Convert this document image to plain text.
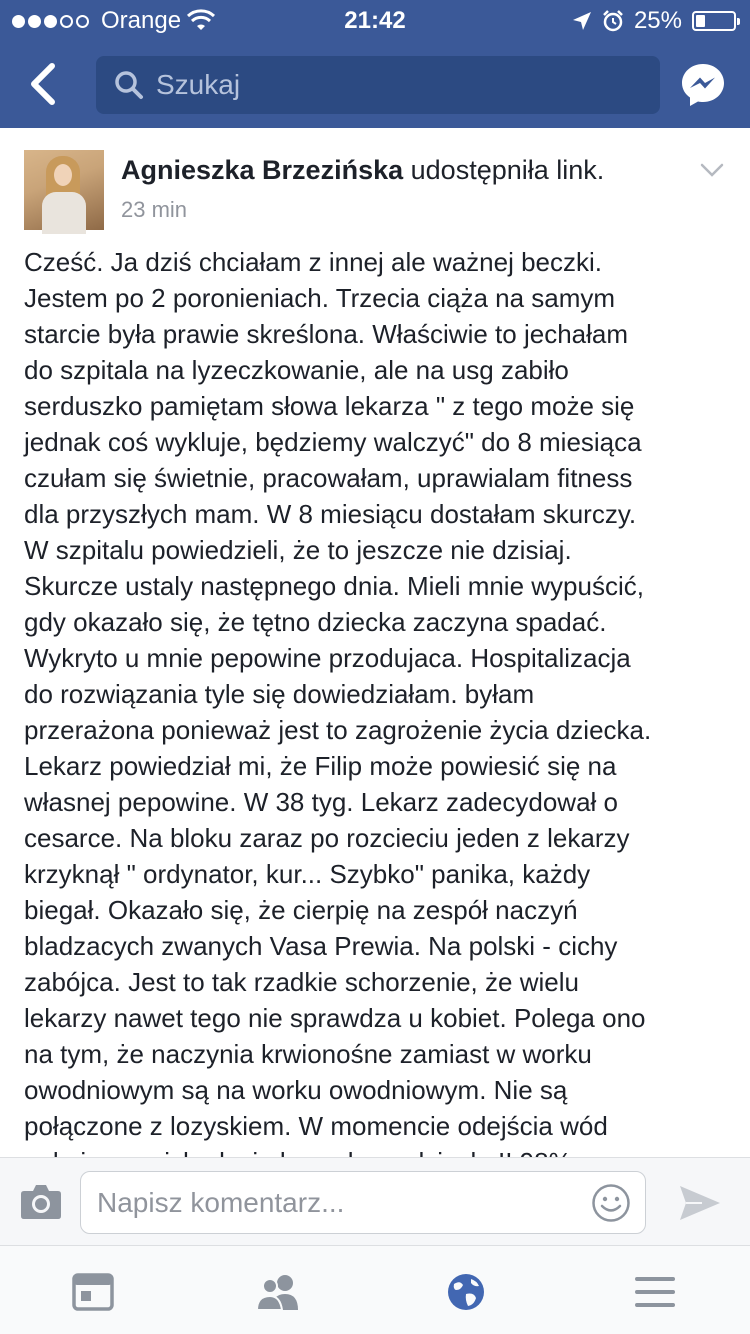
Orange	21:42	25%
Szukaj
Agnieszka Brzezińska udostępniła link.
23 min
Cześć. Ja dziś chciałam z innej ale ważnej beczki.
Jestem po 2 poronieniach. Trzecia ciąża na samym
starcie była prawie skreślona. Właściwie to jechałam
do szpitala na lyzeczkowanie, ale na usg zabiło
serduszko pamiętam słowa lekarza " z tego może się
jednak coś wykluje, będziemy walczyć" do 8 miesiąca
czułam się świetnie, pracowałam, uprawialam fitness
dla przyszłych mam. W 8 miesiącu dostałam skurczy.
W szpitalu powiedzieli, że to jeszcze nie dzisiaj.
Skurcze ustaly następnego dnia. Mieli mnie wypuścić,
gdy okazało się, że tętno dziecka zaczyna spadać.
Wykryto u mnie pepowine przodujaca. Hospitalizacja
do rozwiązania tyle się dowiedziałam. byłam
przerażona ponieważ jest to zagrożenie życia dziecka.
Lekarz powiedział mi, że Filip może powiesić się na
własnej pepowine. W 38 tyg. Lekarz zadecydował o
cesarce. Na bloku zaraz po rozcieciu jeden z lekarzy
krzyknął " ordynator, kur... Szybko" panika, każdy
biegał. Okazało się, że cierpię na zespół naczyń
bladzacych zwanych Vasa Prewia. Na polski - cichy
zabójca. Jest to tak rzadkie schorzenie, że wielu
lekarzy nawet tego nie sprawdza u kobiet. Polega ono
na tym, że naczynia krwionośne zamiast w worku
owodniowym są na worku owodniowym. Nie są
połączone z lozyskiem. W momencie odejścia wód
Napisz komentarz...
